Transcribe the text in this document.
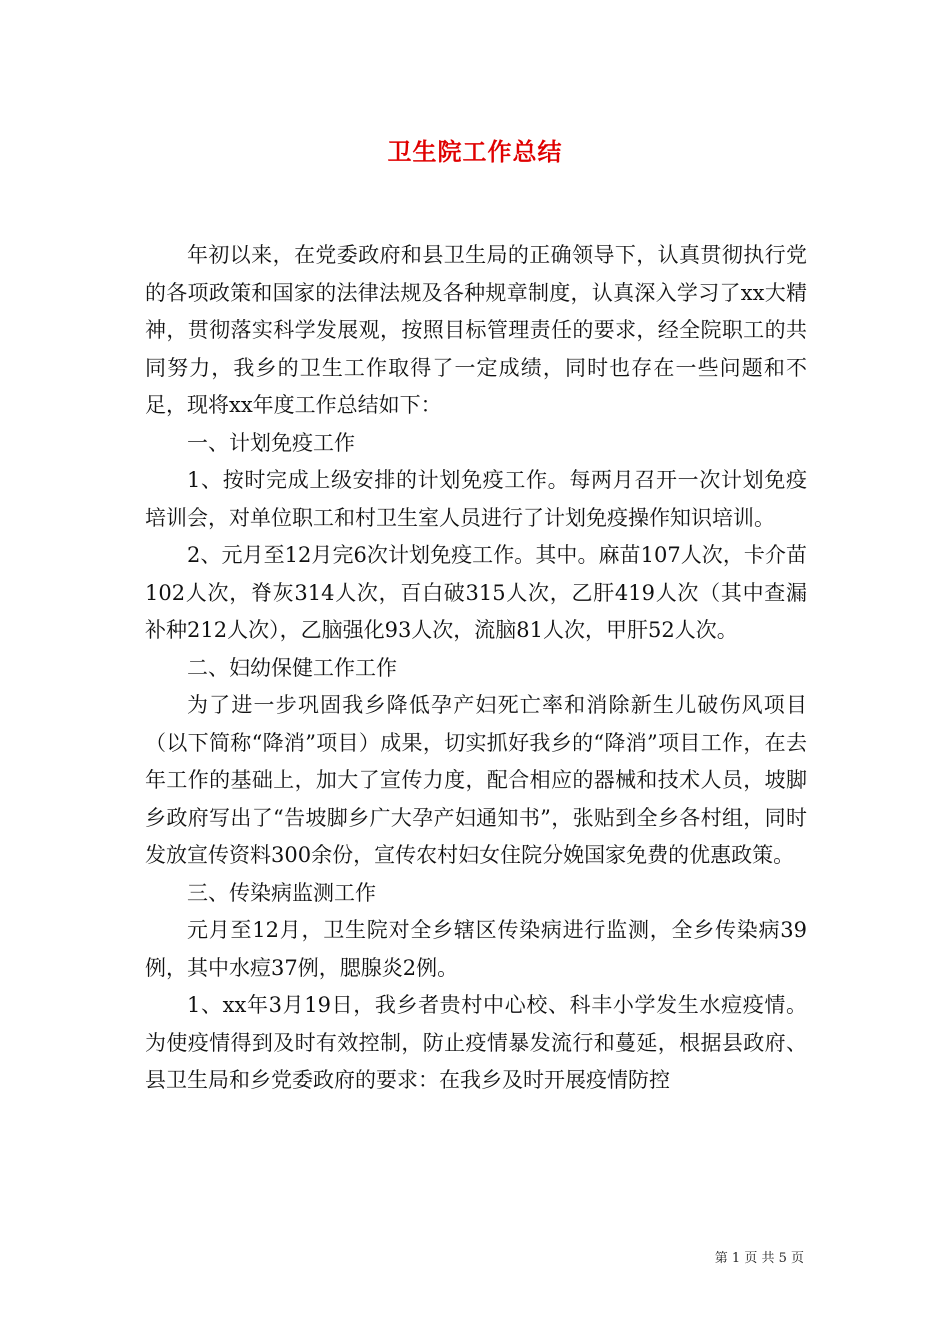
卫生院工作总结

年初以来，在党委政府和县卫生局的正确领导下，认真贯彻执行党的各项政策和国家的法律法规及各种规章制度，认真深入学习了xx大精神，贯彻落实科学发展观，按照目标管理责任的要求，经全院职工的共同努力，我乡的卫生工作取得了一定成绩，同时也存在一些问题和不足，现将xx年度工作总结如下：

一、计划免疫工作

1、按时完成上级安排的计划免疫工作。每两月召开一次计划免疫培训会，对单位职工和村卫生室人员进行了计划免疫操作知识培训。

2、元月至12月完6次计划免疫工作。其中。麻苗107人次，卡介苗102人次，脊灰314人次，百白破315人次，乙肝419人次（其中查漏补种212人次），乙脑强化93人次，流脑81人次，甲肝52人次。

二、妇幼保健工作工作

为了进一步巩固我乡降低孕产妇死亡率和消除新生儿破伤风项目（以下简称“降消”项目）成果，切实抓好我乡的“降消”项目工作，在去年工作的基础上，加大了宣传力度，配合相应的器械和技术人员，坡脚乡政府写出了“告坡脚乡广大孕产妇通知书”，张贴到全乡各村组，同时发放宣传资料300余份，宣传农村妇女住院分娩国家免费的优惠政策。

三、传染病监测工作

元月至12月，卫生院对全乡辖区传染病进行监测，全乡传染病39例，其中水痘37例，腮腺炎2例。

1、xx年3月19日，我乡者贵村中心校、科丰小学发生水痘疫情。为使疫情得到及时有效控制，防止疫情暴发流行和蔓延，根据县政府、县卫生局和乡党委政府的要求：在我乡及时开展疫情防控

第 1 页 共 5 页
